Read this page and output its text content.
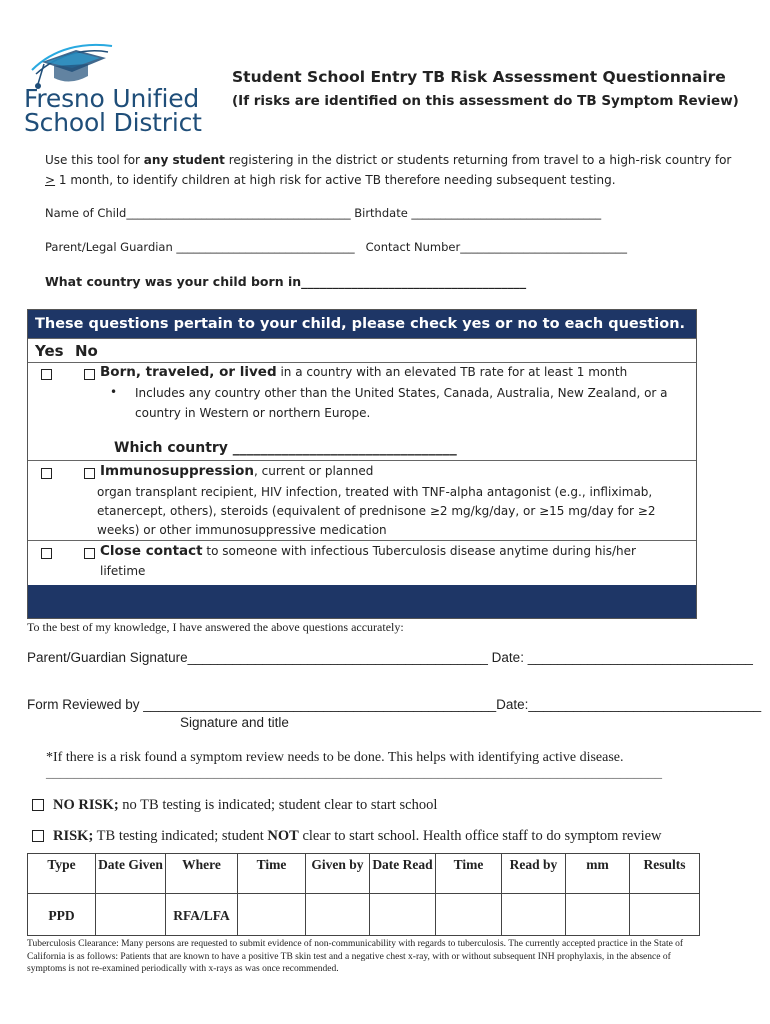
Fresno Unified
School District
Student School Entry TB Risk Assessment Questionnaire
(If risks are identified on this assessment do TB Symptom Review)
Use this tool for any student registering in the district or students returning from travel to a high-risk country for > 1 month, to identify children at high risk for active TB therefore needing subsequent testing.
Name of Child_______________________________________ Birthdate _________________________________
Parent/Legal Guardian _______________________________   Contact Number_____________________________
What country was your child born in____________________________________
These questions pertain to your child, please check yes or no to each question.
Yes No
Born, traveled, or lived in a country with an elevated TB rate for at least 1 month
• Includes any country other than the United States, Canada, Australia, New Zealand, or a
country in Western or northern Europe.
Which country ________________________________
Immunosuppression, current or planned
organ transplant recipient, HIV infection, treated with TNF-alpha antagonist (e.g., infliximab,
etanercept, others), steroids (equivalent of prednisone ≥2 mg/kg/day, or ≥15 mg/day for ≥2
weeks) or other immunosuppressive medication
Close contact to someone with infectious Tuberculosis disease anytime during his/her
lifetime
To the best of my knowledge, I have answered the above questions accurately:
Parent/Guardian Signature________________________________________ Date: ______________________________
Form Reviewed by _______________________________________________Date:_______________________________
Signature and title
*If there is a risk found a symptom review needs to be done. This helps with identifying active disease.
________________________________________________________________________________________
NO RISK; no TB testing is indicated; student clear to start school
RISK; TB testing indicated; student NOT clear to start school. Health office staff to do symptom review
Type	Date Given	Where	Time	Given by	Date Read	Time	Read by	mm	Results
PPD		RFA/LFA							
Tuberculosis Clearance: Many persons are requested to submit evidence of non-communicability with regards to tuberculosis. The currently accepted practice in the State of California is as follows: Patients that are known to have a positive TB skin test and a negative chest x-ray, with or without subsequent INH prophylaxis, in the absence of symptoms is not re-examined periodically with x-rays as was once recommended.
